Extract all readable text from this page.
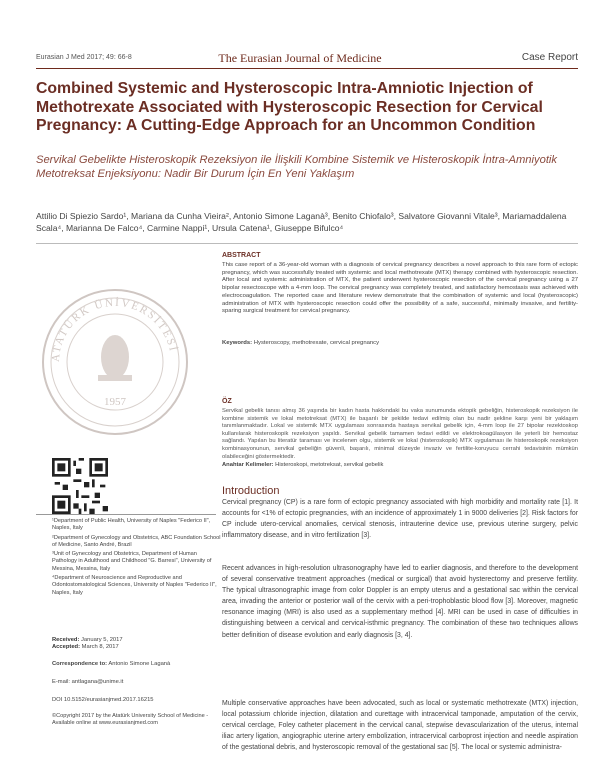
Eurasian J Med 2017; 49: 66-8	The Eurasian Journal of Medicine	Case Report
Combined Systemic and Hysteroscopic Intra-Amniotic Injection of Methotrexate Associated with Hysteroscopic Resection for Cervical Pregnancy: A Cutting-Edge Approach for an Uncommon Condition
Servikal Gebelikte Histeroskopik Rezeksiyon ile İlişkili Kombine Sistemik ve Histeroskopik İntra-Amniyotik Metotreksat Enjeksiyonu: Nadir Bir Durum İçin En Yeni Yaklaşım
Attilio Di Spiezio Sardo¹, Mariana da Cunha Vieira², Antonio Simone Laganà³, Benito Chiofalo³, Salvatore Giovanni Vitale³, Mariamaddalena Scala⁴, Marianna De Falco⁴, Carmine Nappi¹, Ursula Catena¹, Giuseppe Bifulco⁴
ATATÜRK ÜNİVERSİTESİ
1957

¹Department of Public Health, University of Naples "Federico II", Naples, Italy

²Department of Gynecology and Obstetrics, ABC Foundation School of Medicine, Santo André, Brazil

³Unit of Gynecology and Obstetrics, Department of Human Pathology in Adulthood and Childhood "G. Barresi", University of Messina, Messina, Italy

⁴Department of Neuroscience and Reproductive and Odontostomatological Sciences, University of Naples "Federico II", Naples, Italy

Received: January 5, 2017
Accepted: March 8, 2017
Correspondence to: Antonio Simone Laganà
E-mail: antlagana@unime.it
DOI 10.5152/eurasianjmed.2017.16215
©Copyright 2017 by the Atatürk University School of Medicine - Available online at www.eurasianjmed.com
ABSTRACT
This case report of a 36-year-old woman with a diagnosis of cervical pregnancy describes a novel approach to this rare form of ectopic pregnancy, which was successfully treated with systemic and local methotrexate (MTX) therapy combined with hysteroscopic resection. After local and systemic administration of MTX, the patient underwent hysteroscopic resection of the cervical pregnancy using a 27 bipolar resectoscope with a 4-mm loop. The cervical pregnancy was completely treated, and satisfactory hemostasis was achieved with electrocoagulation. The reported case and literature review demonstrate that the combination of systemic and local (hysteroscopic) administration of MTX with hysteroscopic resection could offer the possibility of a safe, successful, minimally invasive, and fertility-sparing surgical treatment for cervical pregnancy.
Keywords: Hysteroscopy, methotrexate, cervical pregnancy
ÖZ
Servikal gebelik tanısı almış 36 yaşında bir kadın hasta hakkındaki bu vaka sunumunda ektopik gebeliğin, histeroskopik rezeksiyon ile kombine sistemik ve lokal metotreksat (MTX) ile başarılı bir şekilde tedavi edilmiş olan bu nadir şekline karşı yeni bir yaklaşım tanımlanmaktadır. Lokal ve sistemik MTX uygulaması sonrasında hastaya servikal gebelik için, 4-mm loop ile 27 bipolar rezektoskop kullanılarak histeroskopik rezeksiyon yapıldı. Servikal gebelik tamamen tedavi edildi ve elektrokoagülasyon ile yeterli bir hemostaz sağlandı. Yapılan bu literatür taraması ve incelenen olgu, sistemik ve lokal (histeroskopik) MTX uygulaması ile histeroskopik rezeksiyon kombinasyonunun, servikal gebeliğin güvenli, başarılı, minimal düzeyde invaziv ve fertilite-koruyucu cerrahi tedavisinin mümkün olabileceğini göstermektedir.
Anahtar Kelimeler: Histeroskopi, metotreksat, servikal gebelik
Introduction
Cervical pregnancy (CP) is a rare form of ectopic pregnancy associated with high morbidity and mortality rate [1]. It accounts for <1% of ectopic pregnancies, with an incidence of approximately 1 in 9000 deliveries [2]. Risk factors for CP include utero-cervical anomalies, cervical stenosis, intrauterine device use, previous uterine surgery, pelvic inflammatory disease, and in vitro fertilization [3].
Recent advances in high-resolution ultrasonography have led to earlier diagnosis, and therefore to the development of several conservative treatment approaches (medical or surgical) that avoid hysterectomy and preserve fertility. The typical ultrasonographic image from color Doppler is an empty uterus and a gestational sac within the cervical area, invading the anterior or posterior wall of the cervix with a peri-trophoblastic blood flow [3]. Moreover, magnetic resonance imaging (MRI) is also used as a supplementary method [4]. MRI can be used in case of difficulties in distinguishing between a cervical and cervical-isthmic pregnancy. The combination of these two techniques allows better definition of disease evolution and early diagnosis [3, 4].
Multiple conservative approaches have been advocated, such as local or systematic methotrexate (MTX) injection, local potassium chloride injection, dilatation and curettage with intracervical tamponade, amputation of the cervix, cervical cerclage, Foley catheter placement in the cervical canal, stepwise devascularization of the uterus, internal iliac artery ligation, angiographic uterine artery embolization, intracervical carboprost injection and needle aspiration of the gestational debris, and hysteroscopic removal of the gestational sac [5]. The local or systemic administra-
